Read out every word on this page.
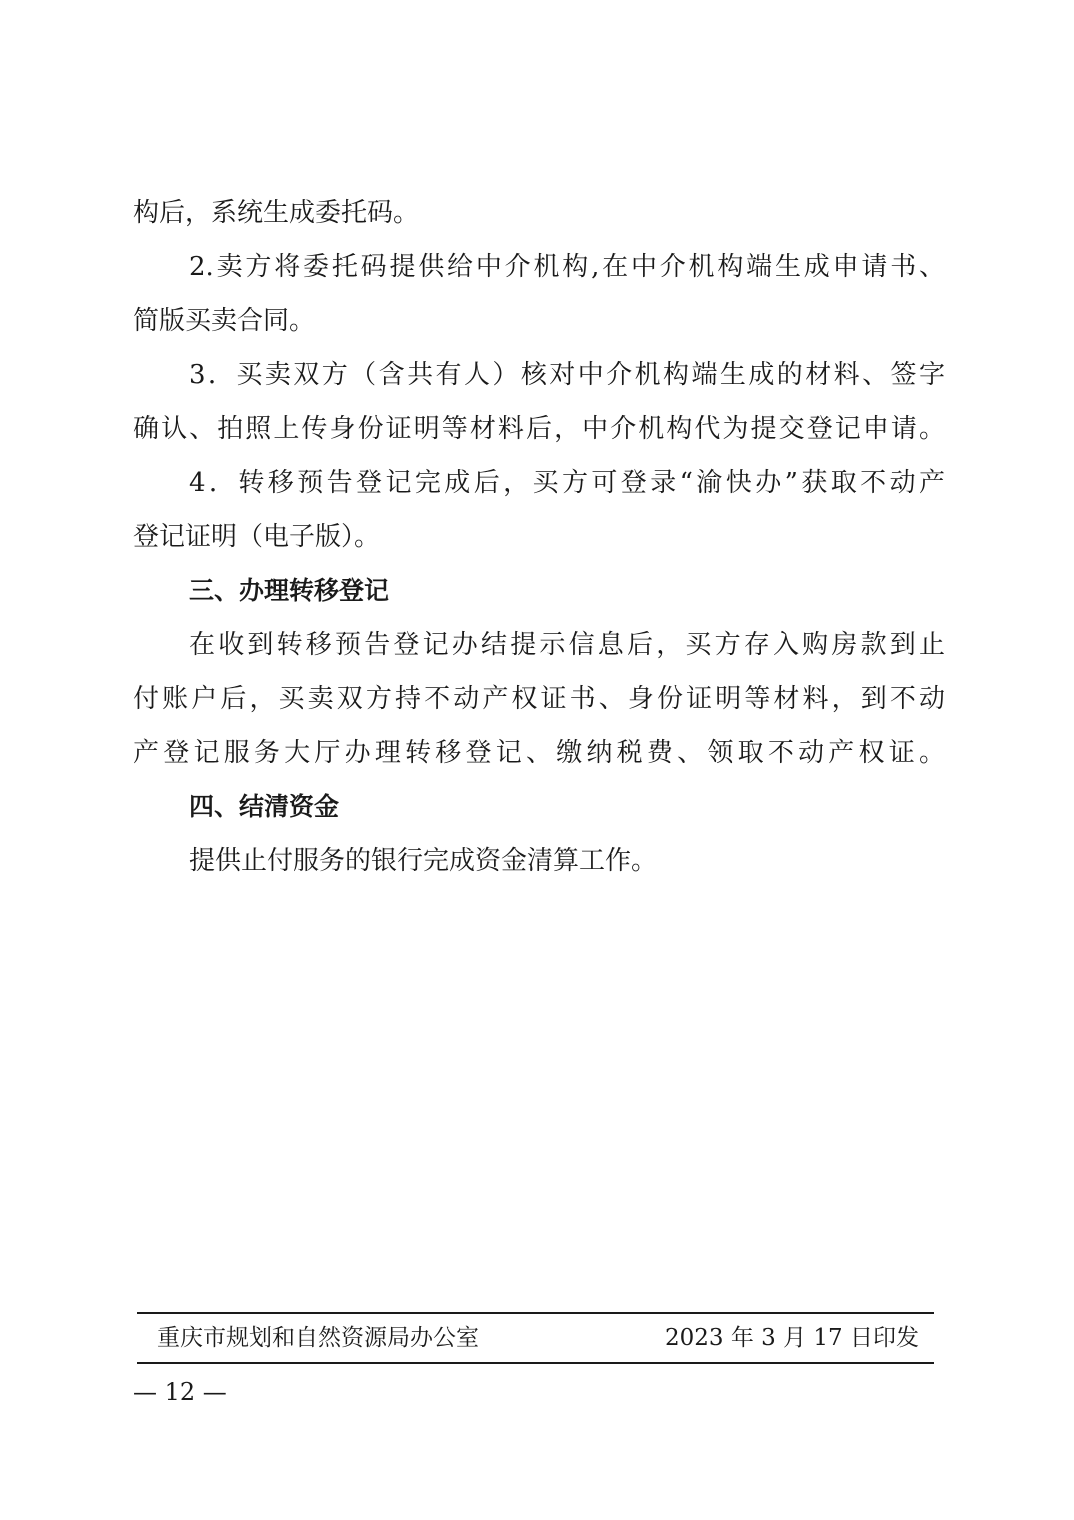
构后，系统生成委托码。
2.卖方将委托码提供给中介机构,在中介机构端生成申请书、
简版买卖合同。
3．买卖双方（含共有人）核对中介机构端生成的材料、签字
确认、拍照上传身份证明等材料后，中介机构代为提交登记申请。
4．转移预告登记完成后，买方可登录“渝快办”获取不动产
登记证明（电子版）。
三、办理转移登记
在收到转移预告登记办结提示信息后，买方存入购房款到止
付账户后，买卖双方持不动产权证书、身份证明等材料，到不动
产登记服务大厅办理转移登记、缴纳税费、领取不动产权证。
四、结清资金
提供止付服务的银行完成资金清算工作。
重庆市规划和自然资源局办公室	2023 年 3 月 17 日印发
— 12 —
